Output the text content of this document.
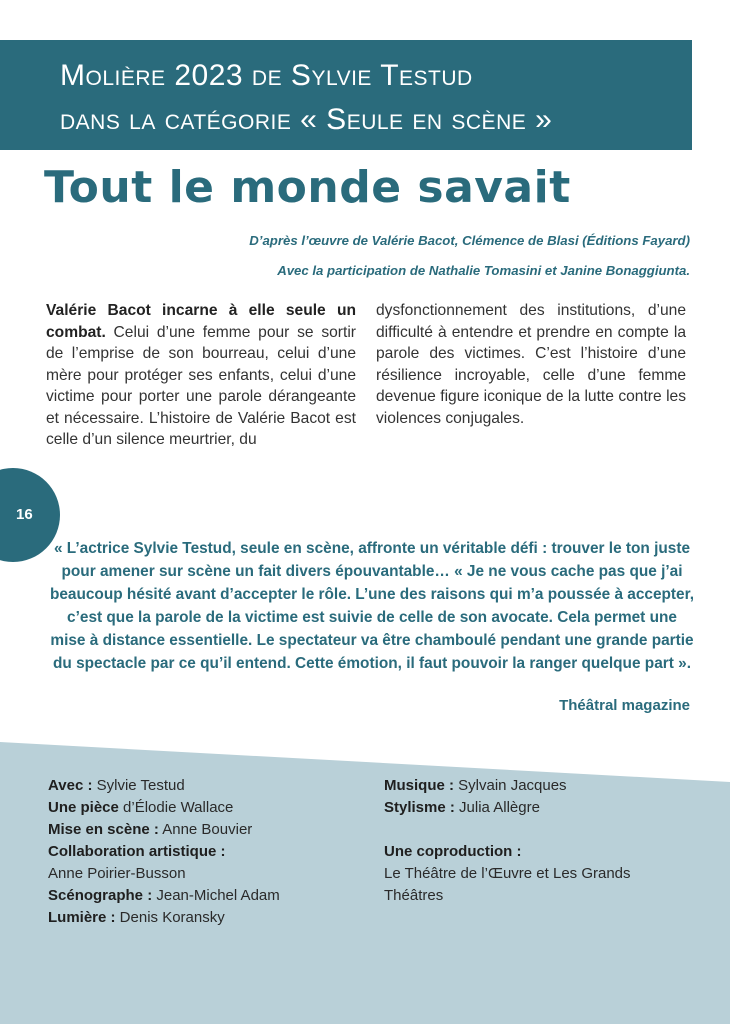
Molière 2023 de Sylvie Testud
dans la catégorie « Seule en scène »
Tout le monde savait

D’après l’œuvre de Valérie Bacot, Clémence de Blasi (Éditions Fayard)

Avec la participation de Nathalie Tomasini et Janine Bonaggiunta.

Valérie Bacot incarne à elle seule un combat. Celui d’une femme pour se sortir de l’emprise de son bourreau, celui d’une mère pour protéger ses enfants, celui d’une victime pour porter une parole dérangeante et nécessaire. L’histoire de Valérie Bacot est celle d’un silence meurtrier, du

dysfonctionnement des institutions, d’une difficulté à entendre et prendre en compte la parole des victimes. C’est l’histoire d’une résilience incroyable, celle d’une femme devenue figure iconique de la lutte contre les violences conjugales.

16

« L’actrice Sylvie Testud, seule en scène, affronte un véritable défi : trouver le ton juste pour amener sur scène un fait divers épouvantable… « Je ne vous cache pas que j’ai beaucoup hésité avant d’accepter le rôle. L’une des raisons qui m’a poussée à accepter, c’est que la parole de la victime est suivie de celle de son avocate. Cela permet une mise à distance essentielle. Le spectateur va être chamboulé pendant une grande partie du spectacle par ce qu’il entend. Cette émotion, il faut pouvoir la ranger quelque part ».

Théâtral magazine

Avec : Sylvie Testud
Une pièce d’Élodie Wallace
Mise en scène : Anne Bouvier
Collaboration artistique :
Anne Poirier-Busson
Scénographe : Jean-Michel Adam
Lumière : Denis Koransky
Musique : Sylvain Jacques
Stylisme : Julia Allègre
Une coproduction :
Le Théâtre de l’Œuvre et Les Grands
Théâtres
